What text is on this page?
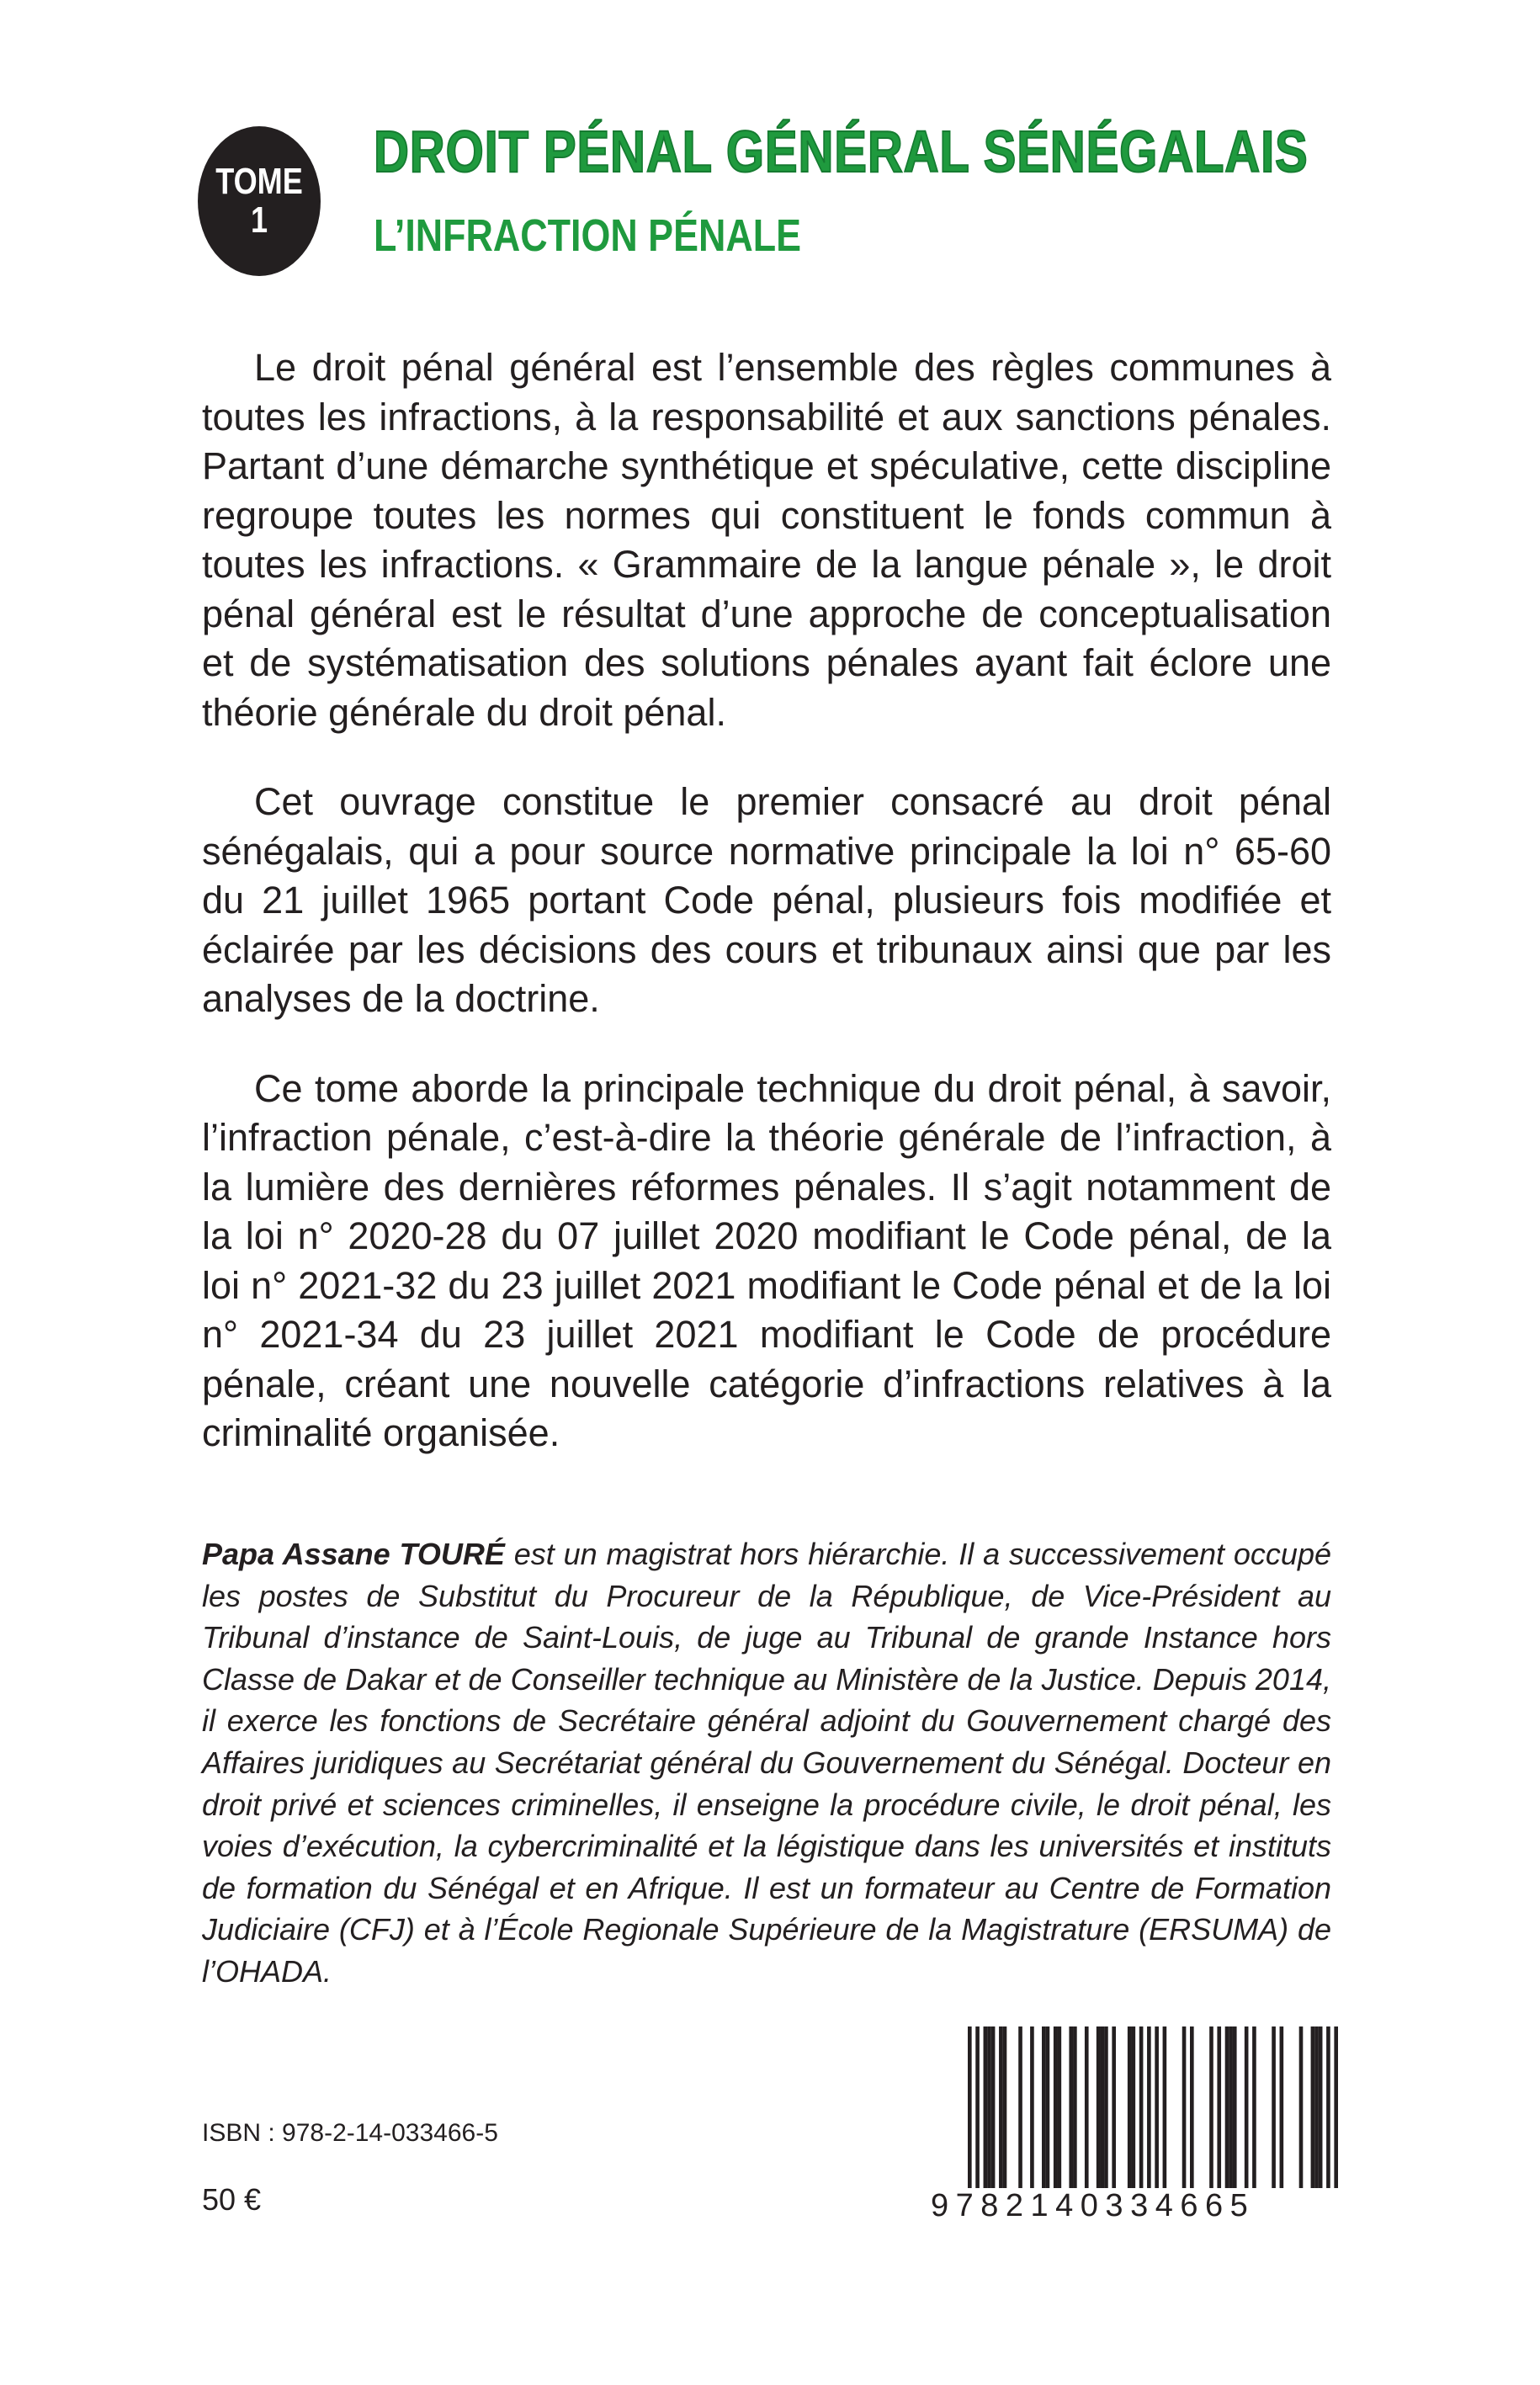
TOME
1
DROIT PÉNAL GÉNÉRAL SÉNÉGALAIS
L’INFRACTION PÉNALE

Le droit pénal général est l’ensemble des règles communes à toutes les infractions, à la responsabilité et aux sanctions pénales. Partant d’une démarche synthétique et spéculative, cette discipline regroupe toutes les normes qui constituent le fonds commun à toutes les infractions. « Grammaire de la langue pénale », le droit pénal général est le résultat d’une approche de conceptualisation et de systématisation des solutions pénales ayant fait éclore une théorie générale du droit pénal.

Cet ouvrage constitue le premier consacré au droit pénal sénégalais, qui a pour source normative principale la loi n° 65-60 du 21 juillet 1965 portant Code pénal, plusieurs fois modifiée et éclairée par les décisions des cours et tribunaux ainsi que par les analyses de la doctrine.

Ce tome aborde la principale technique du droit pénal, à savoir, l’infraction pénale, c’est-à-dire la théorie générale de l’infraction, à la lumière des dernières réformes pénales. Il s’agit notamment de la loi n° 2020-28 du 07 juillet 2020 modifiant le Code pénal, de la loi n° 2021-32 du 23 juillet 2021 modifiant le Code pénal et de la loi n° 2021-34 du 23 juillet 2021 modifiant le Code de procédure pénale, créant une nouvelle catégorie d’infractions relatives à la criminalité organisée.

Papa Assane TOURÉ est un magistrat hors hiérarchie. Il a successivement occupé les postes de Substitut du Procureur de la République, de Vice-Président au Tribunal d’instance de Saint-Louis, de juge au Tribunal de grande Instance hors Classe de Dakar et de Conseiller technique au Ministère de la Justice. Depuis 2014, il exerce les fonctions de Secrétaire général adjoint du Gouvernement chargé des Affaires juridiques au Secrétariat général du Gouvernement du Sénégal. Docteur en droit privé et sciences criminelles, il enseigne la procédure civile, le droit pénal, les voies d’exécution, la cybercriminalité et la légistique dans les universités et instituts de formation du Sénégal et en Afrique. Il est un formateur au Centre de Formation Judiciaire (CFJ) et à l’École Regionale Supérieure de la Magistrature (ERSUMA) de l’OHADA.

9782140334665
ISBN : 978-2-14-033466-5
50 €
